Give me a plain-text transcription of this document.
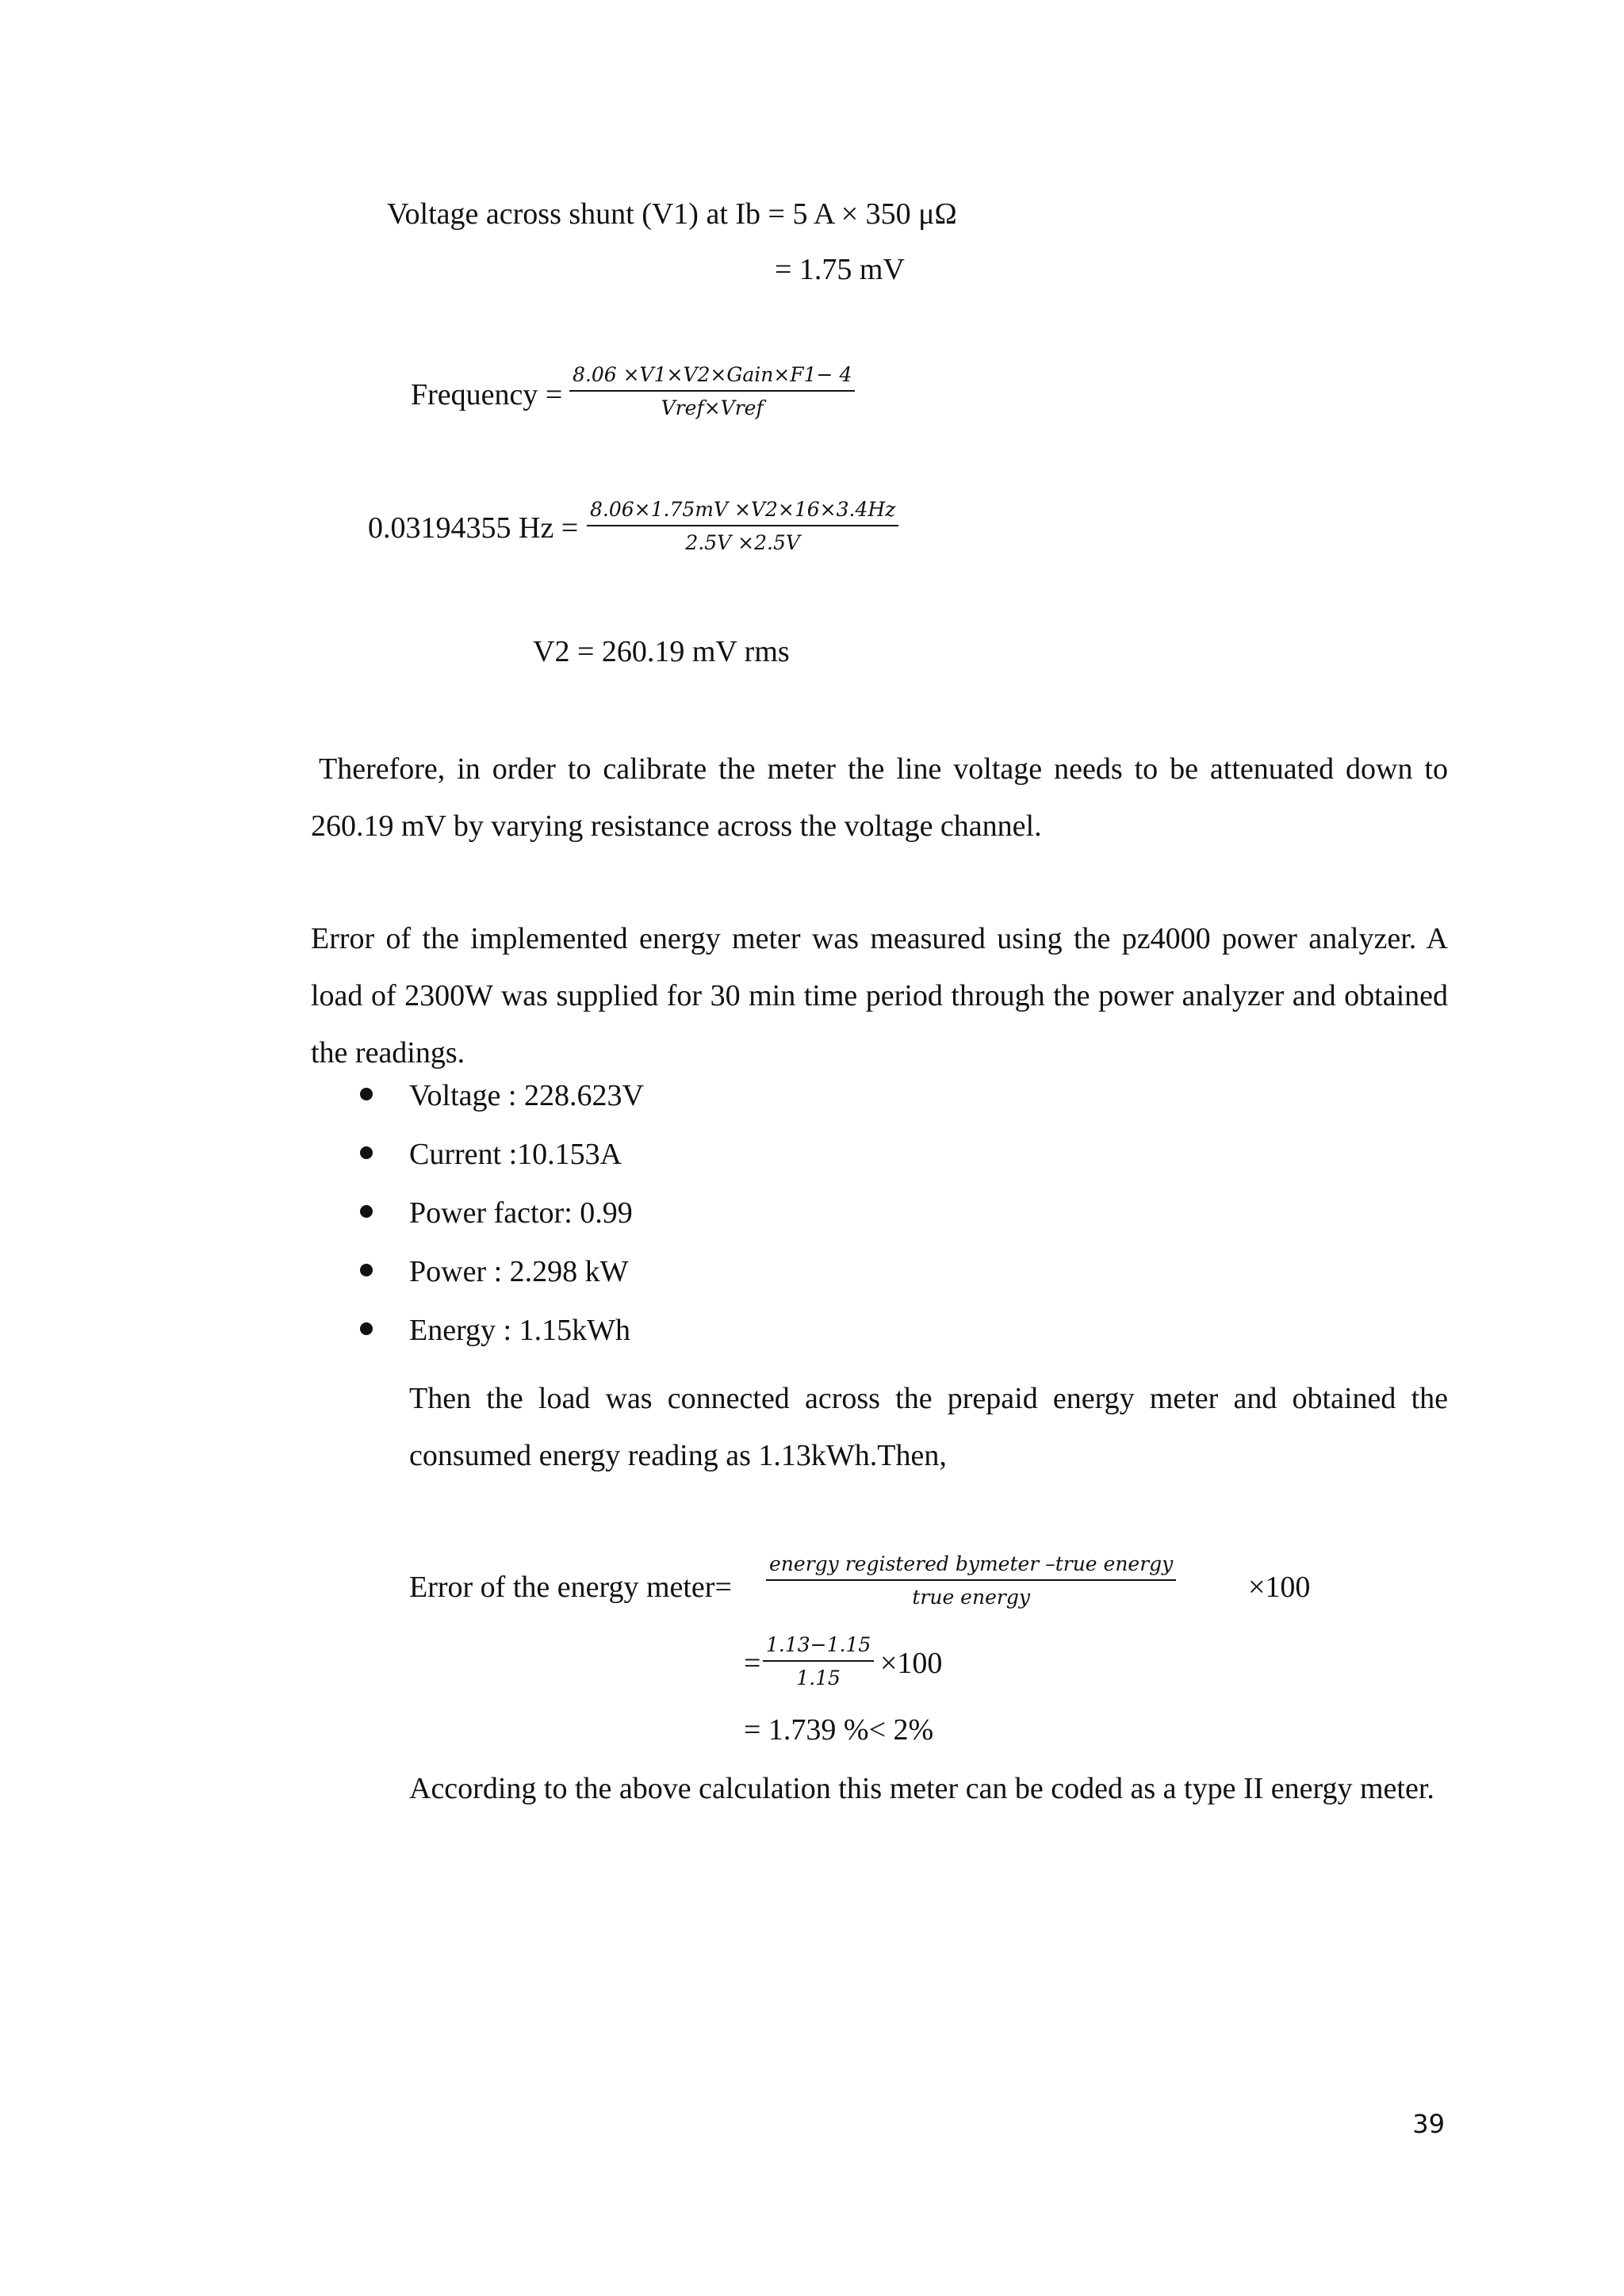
Voltage across shunt (V1) at Ib = 5 A × 350 μΩ
= 1.75 mV
Frequency =
8.06 ×V1×V2×Gain×F1− 4
Vref×Vref
0.03194355 $Hz = \frac{8.06\times 1.75mV \times V2\times 16\times 3.4Hz}{2.5V \times 2.5V}$
V2 = 260.19 mV rms

Therefore, in order to calibrate the meter the line voltage needs to be attenuated down to 260.19 mV by varying resistance across the voltage channel.

Error of the implemented energy meter was measured using the pz4000 power analyzer. A load of 2300W was supplied for 30 min time period through the power analyzer and obtained the readings.

Voltage : 228.623V
Current :10.153A
Power factor: 0.99
Power : 2.298 kW
Energy : 1.15kWh

Then the load was connected across the prepaid energy meter and obtained the consumed energy reading as 1.13kWh.Then,

Error of the energy meter=
energy registered bymeter –true energy
true energy	×100
= $\frac{1.13-1.15}{1.15} \times 100$
= 1.739 %< 2%

According to the above calculation this meter can be coded as a type II energy meter.

39
